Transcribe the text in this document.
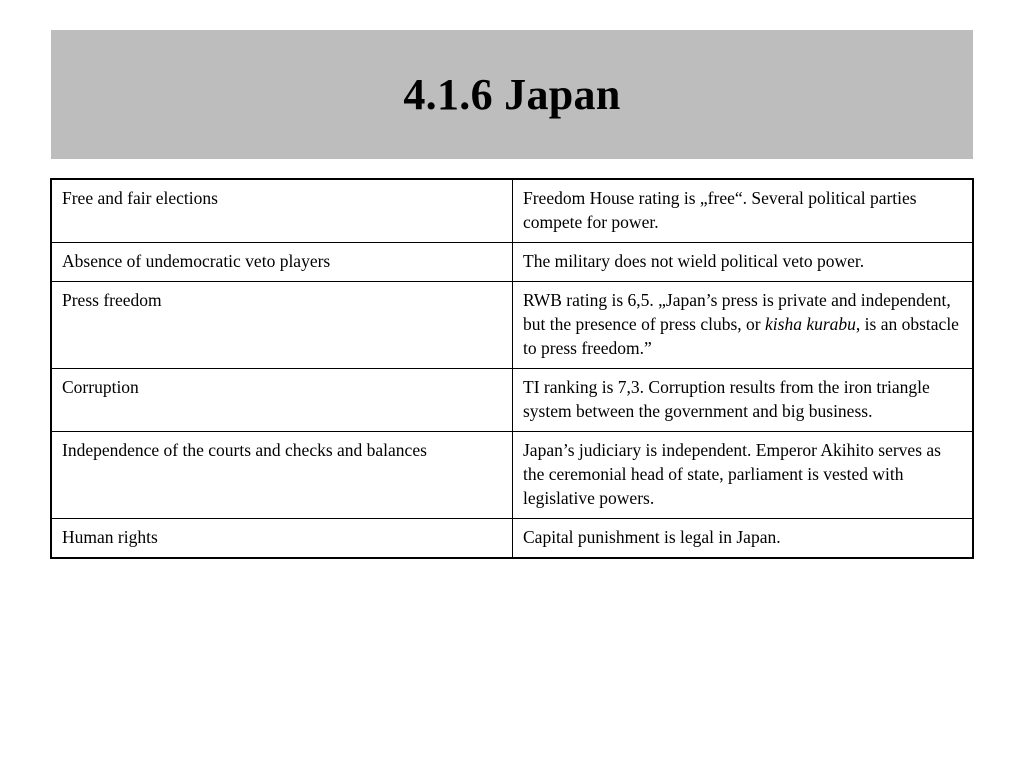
4.1.6 Japan
Free and fair elections	Freedom House rating is „free“. Several political parties compete for power.
Absence of undemocratic veto players	The military does not wield political veto power.
Press freedom	RWB rating is 6,5. „Japan’s press is private and independent, but the presence of press clubs, or kisha kurabu, is an obstacle to press freedom.”
Corruption	TI ranking is 7,3. Corruption results from the iron triangle system between the government and big business.
Independence of the courts and checks and balances	Japan’s judiciary is independent. Emperor Akihito serves as the ceremonial head of state, parliament is vested with legislative powers.
Human rights	Capital punishment is legal in Japan.
